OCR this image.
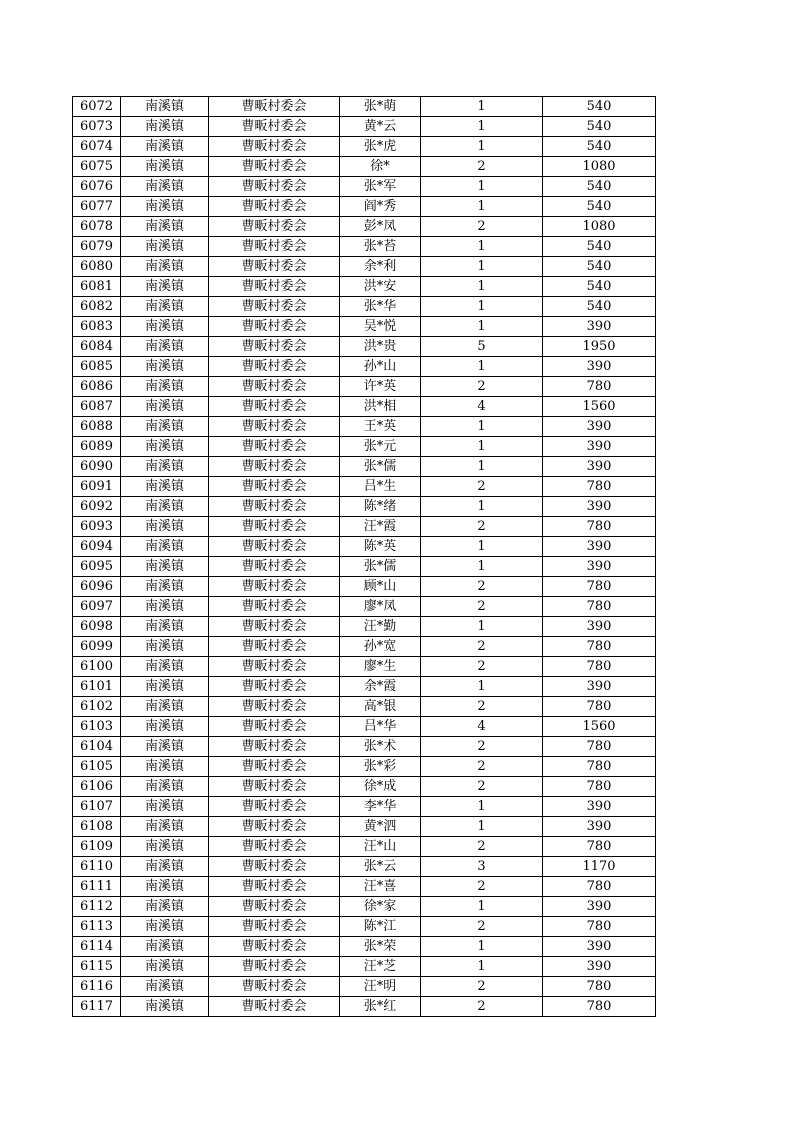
6072	南溪镇	曹畈村委会	张*萌	1	540
6073	南溪镇	曹畈村委会	黄*云	1	540
6074	南溪镇	曹畈村委会	张*虎	1	540
6075	南溪镇	曹畈村委会	徐*	2	1080
6076	南溪镇	曹畈村委会	张*军	1	540
6077	南溪镇	曹畈村委会	阎*秀	1	540
6078	南溪镇	曹畈村委会	彭*凤	2	1080
6079	南溪镇	曹畈村委会	张*苔	1	540
6080	南溪镇	曹畈村委会	余*利	1	540
6081	南溪镇	曹畈村委会	洪*安	1	540
6082	南溪镇	曹畈村委会	张*华	1	540
6083	南溪镇	曹畈村委会	吴*悦	1	390
6084	南溪镇	曹畈村委会	洪*贵	5	1950
6085	南溪镇	曹畈村委会	孙*山	1	390
6086	南溪镇	曹畈村委会	许*英	2	780
6087	南溪镇	曹畈村委会	洪*相	4	1560
6088	南溪镇	曹畈村委会	王*英	1	390
6089	南溪镇	曹畈村委会	张*元	1	390
6090	南溪镇	曹畈村委会	张*儒	1	390
6091	南溪镇	曹畈村委会	吕*生	2	780
6092	南溪镇	曹畈村委会	陈*绪	1	390
6093	南溪镇	曹畈村委会	汪*霞	2	780
6094	南溪镇	曹畈村委会	陈*英	1	390
6095	南溪镇	曹畈村委会	张*儒	1	390
6096	南溪镇	曹畈村委会	顾*山	2	780
6097	南溪镇	曹畈村委会	廖*凤	2	780
6098	南溪镇	曹畈村委会	汪*勤	1	390
6099	南溪镇	曹畈村委会	孙*宽	2	780
6100	南溪镇	曹畈村委会	廖*生	2	780
6101	南溪镇	曹畈村委会	余*霞	1	390
6102	南溪镇	曹畈村委会	高*银	2	780
6103	南溪镇	曹畈村委会	吕*华	4	1560
6104	南溪镇	曹畈村委会	张*术	2	780
6105	南溪镇	曹畈村委会	张*彩	2	780
6106	南溪镇	曹畈村委会	徐*成	2	780
6107	南溪镇	曹畈村委会	李*华	1	390
6108	南溪镇	曹畈村委会	黄*泗	1	390
6109	南溪镇	曹畈村委会	汪*山	2	780
6110	南溪镇	曹畈村委会	张*云	3	1170
6111	南溪镇	曹畈村委会	汪*喜	2	780
6112	南溪镇	曹畈村委会	徐*家	1	390
6113	南溪镇	曹畈村委会	陈*江	2	780
6114	南溪镇	曹畈村委会	张*荣	1	390
6115	南溪镇	曹畈村委会	汪*芝	1	390
6116	南溪镇	曹畈村委会	汪*明	2	780
6117	南溪镇	曹畈村委会	张*红	2	780
